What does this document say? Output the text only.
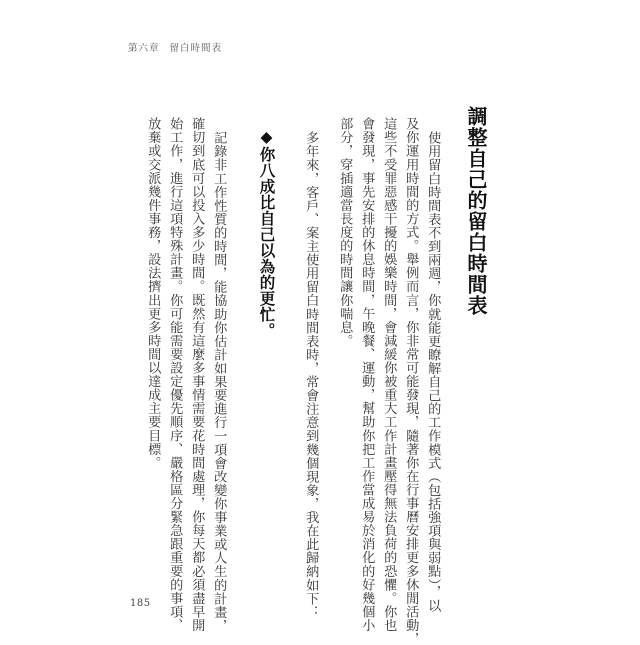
第六章 留白時間表
調整自己的留白時間表
使用留白時間表不到兩週，你就能更瞭解自己的工作模式（包括強項與弱點），以
及你運用時間的方式。舉例而言，你非常可能發現，隨著你在行事曆安排更多休閒活動，
這些不受罪惡感干擾的娛樂時間，會減緩你被重大工作計畫壓得無法負荷的恐懼。你也
會發現，事先安排的休息時間，午晚餐、運動，幫助你把工作當成易於消化的好幾個小
部分，穿插適當長度的時間讓你喘息。
多年來，客戶、案主使用留白時間表時，常會注意到幾個現象，我在此歸納如下：
◆你八成比自己以為的更忙。
記錄非工作性質的時間，能協助你估計如果要進行一項會改變你事業或人生的計畫，
確切到底可以投入多少時間。既然有這麼多事情需要花時間處理，你每天都必須盡早開
始工作，進行這項特殊計畫。你可能需要設定優先順序、嚴格區分緊急跟重要的事項、
放棄或交派幾件事務，設法擠出更多時間以達成主要目標。
185
